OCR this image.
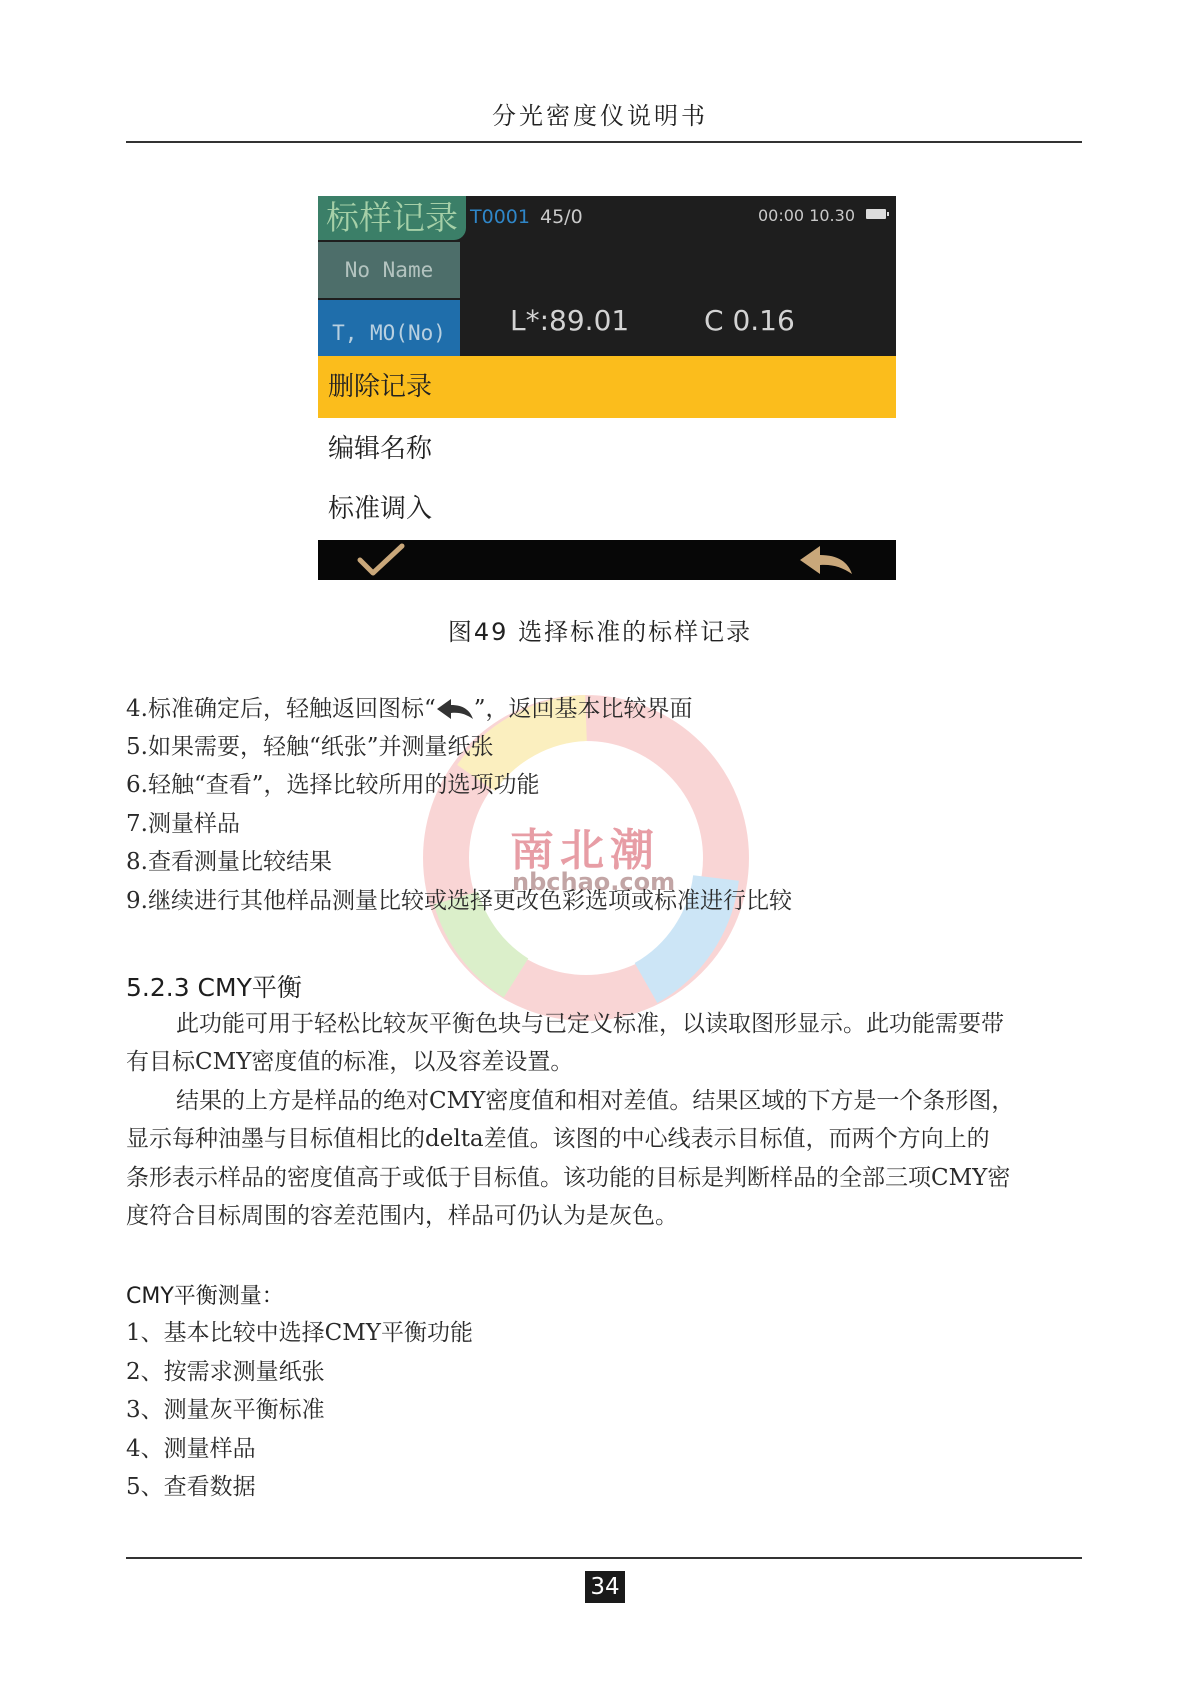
分光密度仪说明书
标样记录 T0001 45/0	00:00 10.30
No Name
T, MO(No)	L*:89.01	C 0.16
删除记录
编辑名称
标准调入
图49 选择标准的标样记录
南北潮
nbchao.com
4.标准确定后，轻触返回图标“ ”，返回基本比较界面
5.如果需要，轻触“纸张”并测量纸张
6.轻触“查看”，选择比较所用的选项功能
7.测量样品
8.查看测量比较结果
9.继续进行其他样品测量比较或选择更改色彩选项或标准进行比较
5.2.3 CMY平衡
此功能可用于轻松比较灰平衡色块与已定义标准，以读取图形显示。此功能需要带
有目标CMY密度值的标准，以及容差设置。
结果的上方是样品的绝对CMY密度值和相对差值。结果区域的下方是一个条形图，
显示每种油墨与目标值相比的delta差值。该图的中心线表示目标值，而两个方向上的
条形表示样品的密度值高于或低于目标值。该功能的目标是判断样品的全部三项CMY密
度符合目标周围的容差范围内，样品可仍认为是灰色。
CMY平衡测量：
1、基本比较中选择CMY平衡功能
2、按需求测量纸张
3、测量灰平衡标准
4、测量样品
5、查看数据
34
